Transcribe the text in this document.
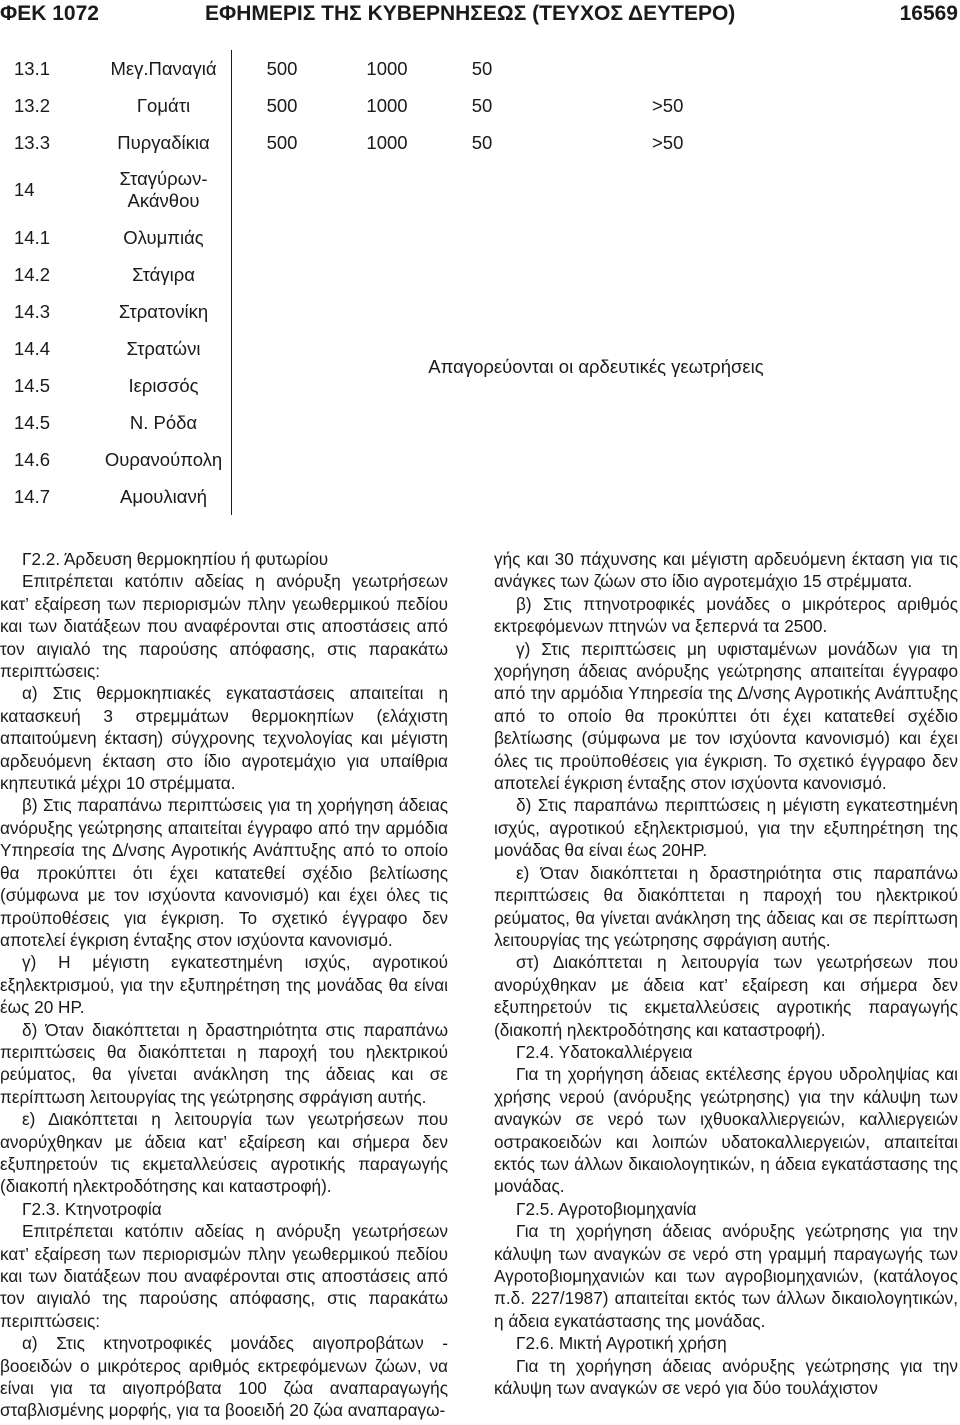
ΦΕΚ 1072	ΕΦΗΜΕΡΙΣ ΤΗΣ ΚΥΒΕΡΝΗΣΕΩΣ (ΤΕΥΧΟΣ ΔΕΥΤΕΡΟ)	16569
13.1	Μεγ.Παναγιά	500	1000	50	
13.2	Γομάτι	500	1000	50	>50
13.3	Πυργαδίκια	500	1000	50	>50
14	Σταγύρων-
Ακάνθου				

14.1	Ολυμπιάς	Απαγορεύονται οι αρδευτικές γεωτρήσεις			
14.2	Στάγιρα				
14.3	Στρατονίκη				
14.4	Στρατώνι				
14.5	Ιερισσός				
14.5	Ν. Ρόδα				
14.6	Ουρανούπολη				
14.7	Αμουλιανή				

Γ2.2. Άρδευση θερμοκηπίου ή φυτωρίου

Επιτρέπεται κατόπιν αδείας η ανόρυξη γεωτρήσεων κατ’ εξαίρεση των περιορισμών πλην γεωθερμικού πεδίου και των διατάξεων που αναφέρονται στις αποστάσεις από τον αιγιαλό της παρούσης απόφασης, στις παρακάτω περιπτώσεις:

α) Στις θερμοκηπιακές εγκαταστάσεις απαιτείται η κατασκευή 3 στρεμμάτων θερμοκηπίων (ελάχιστη απαιτούμενη έκταση) σύγχρονης τεχνολογίας και μέγιστη αρδευόμενη έκταση στο ίδιο αγροτεμάχιο για υπαίθρια κηπευτικά μέχρι 10 στρέμματα.

β) Στις παραπάνω περιπτώσεις για τη χορήγηση άδειας ανόρυξης γεώτρησης απαιτείται έγγραφο από την αρμόδια Υπηρεσία της Δ/νσης Αγροτικής Ανάπτυξης από το οποίο θα προκύπτει ότι έχει κατατεθεί σχέδιο βελτίωσης (σύμφωνα με τον ισχύοντα κανονισμό) και έχει όλες τις προϋποθέσεις για έγκριση. Το σχετικό έγγραφο δεν αποτελεί έγκριση ένταξης στον ισχύοντα κανονισμό.

γ) Η μέγιστη εγκατεστημένη ισχύς, αγροτικού εξηλεκτρισμού, για την εξυπηρέτηση της μονάδας θα είναι έως 20 HP.

δ) Όταν διακόπτεται η δραστηριότητα στις παραπάνω περιπτώσεις θα διακόπτεται η παροχή του ηλεκτρικού ρεύματος, θα γίνεται ανάκληση της άδειας και σε περίπτωση λειτουργίας της γεώτρησης σφράγιση αυτής.

ε) Διακόπτεται η λειτουργία των γεωτρήσεων που ανορύχθηκαν με άδεια κατ’ εξαίρεση και σήμερα δεν εξυπηρετούν τις εκμεταλλεύσεις αγροτικής παραγωγής (διακοπή ηλεκτροδότησης και καταστροφή).

Γ2.3. Κτηνοτροφία

Επιτρέπεται κατόπιν αδείας η ανόρυξη γεωτρήσεων κατ’ εξαίρεση των περιορισμών πλην γεωθερμικού πεδίου και των διατάξεων που αναφέρονται στις αποστάσεις από τον αιγιαλό της παρούσης απόφασης, στις παρακάτω περιπτώσεις:

α) Στις κτηνοτροφικές μονάδες αιγοπροβάτων - βοοειδών ο μικρότερος αριθμός εκτρεφόμενων ζώων, να είναι για τα αιγοπρόβατα 100 ζώα αναπαραγωγής σταβλισμένης μορφής, για τα βοοειδή 20 ζώα αναπαραγω-

γής και 30 πάχυνσης και μέγιστη αρδευόμενη έκταση για τις ανάγκες των ζώων στο ίδιο αγροτεμάχιο 15 στρέμματα.

β) Στις πτηνοτροφικές μονάδες ο μικρότερος αριθμός εκτρεφόμενων πτηνών να ξεπερνά τα 2500.

γ) Στις περιπτώσεις μη υφισταμένων μονάδων για τη χορήγηση άδειας ανόρυξης γεώτρησης απαιτείται έγγραφο από την αρμόδια Υπηρεσία της Δ/νσης Αγροτικής Ανάπτυξης από το οποίο θα προκύπτει ότι έχει κατατεθεί σχέδιο βελτίωσης (σύμφωνα με τον ισχύοντα κανονισμό) και έχει όλες τις προϋποθέσεις για έγκριση. Το σχετικό έγγραφο δεν αποτελεί έγκριση ένταξης στον ισχύοντα κανονισμό.

δ) Στις παραπάνω περιπτώσεις η μέγιστη εγκατεστημένη ισχύς, αγροτικού εξηλεκτρισμού, για την εξυπηρέτηση της μονάδας θα είναι έως 20HP.

ε) Όταν διακόπτεται η δραστηριότητα στις παραπάνω περιπτώσεις θα διακόπτεται η παροχή του ηλεκτρικού ρεύματος, θα γίνεται ανάκληση της άδειας και σε περίπτωση λειτουργίας της γεώτρησης σφράγιση αυτής.

στ) Διακόπτεται η λειτουργία των γεωτρήσεων που ανορύχθηκαν με άδεια κατ’ εξαίρεση και σήμερα δεν εξυπηρετούν τις εκμεταλλεύσεις αγροτικής παραγωγής (διακοπή ηλεκτροδότησης και καταστροφή).

Γ2.4. Υδατοκαλλιέργεια

Για τη χορήγηση άδειας εκτέλεσης έργου υδροληψίας και χρήσης νερού (ανόρυξης γεώτρησης) για την κάλυψη των αναγκών σε νερό των ιχθυοκαλλιεργειών, καλλιεργειών οστρακοειδών και λοιπών υδατοκαλλιεργειών, απαιτείται εκτός των άλλων δικαιολογητικών, η άδεια εγκατάστασης της μονάδας.

Γ2.5. Αγροτοβιομηχανία

Για τη χορήγηση άδειας ανόρυξης γεώτρησης για την κάλυψη των αναγκών σε νερό στη γραμμή παραγωγής των Αγροτοβιομηχανιών και των αγροβιομηχανιών, (κατάλογος π.δ. 227/1987) απαιτείται εκτός των άλλων δικαιολογητικών, η άδεια εγκατάστασης της μονάδας.

Γ2.6. Μικτή Αγροτική χρήση

Για τη χορήγηση άδειας ανόρυξης γεώτρησης για την κάλυψη των αναγκών σε νερό για δύο τουλάχιστον
